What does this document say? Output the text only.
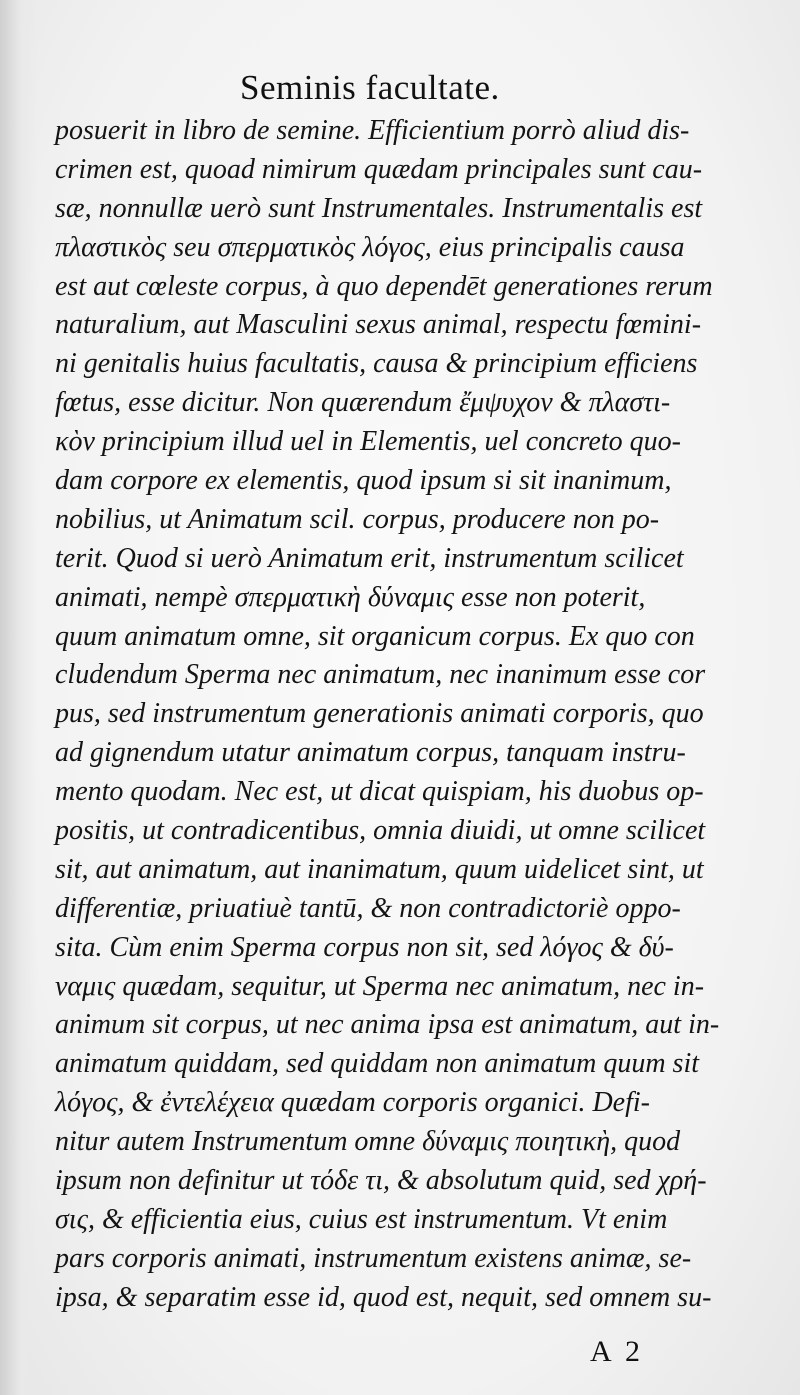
Seminis facultate.
posuerit in libro de semine. Efficientium porrò aliud dis-
crimen est, quoad nimirum quædam principales sunt cau-
sæ, nonnullæ uerò sunt Instrumentales. Instrumentalis est
πλαστικὸς seu σπερματικὸς λόγος, eius principalis causa
est aut cœleste corpus, à quo dependēt generationes rerum
naturalium, aut Masculini sexus animal, respectu fœmini-
ni genitalis huius facultatis, causa & principium efficiens
fœtus, esse dicitur. Non quærendum ἔμψυχον & πλαστι-
κὸν principium illud uel in Elementis, uel concreto quo-
dam corpore ex elementis, quod ipsum si sit inanimum,
nobilius, ut Animatum scil. corpus, producere non po-
terit. Quod si uerò Animatum erit, instrumentum scilicet
animati, nempè σπερματικὴ δύναμις esse non poterit,
quum animatum omne, sit organicum corpus. Ex quo con
cludendum Sperma nec animatum, nec inanimum esse cor
pus, sed instrumentum generationis animati corporis, quo
ad gignendum utatur animatum corpus, tanquam instru-
mento quodam. Nec est, ut dicat quispiam, his duobus op-
positis, ut contradicentibus, omnia diuidi, ut omne scilicet
sit, aut animatum, aut inanimatum, quum uidelicet sint, ut
differentiæ, priuatiuè tantū, & non contradictoriè oppo-
sita. Cùm enim Sperma corpus non sit, sed λόγος & δύ-
ναμις quædam, sequitur, ut Sperma nec animatum, nec in-
animum sit corpus, ut nec anima ipsa est animatum, aut in-
animatum quiddam, sed quiddam non animatum quum sit
λόγος, & ἐντελέχεια quædam corporis organici. Defi-
nitur autem Instrumentum omne δύναμις ποιητικὴ, quod
ipsum non definitur ut τόδε τι, & absolutum quid, sed χρή-
σις, & efficientia eius, cuius est instrumentum. Vt enim
pars corporis animati, instrumentum existens animæ, se-
ipsa, & separatim esse id, quod est, nequit, sed omnem su-
A  2
